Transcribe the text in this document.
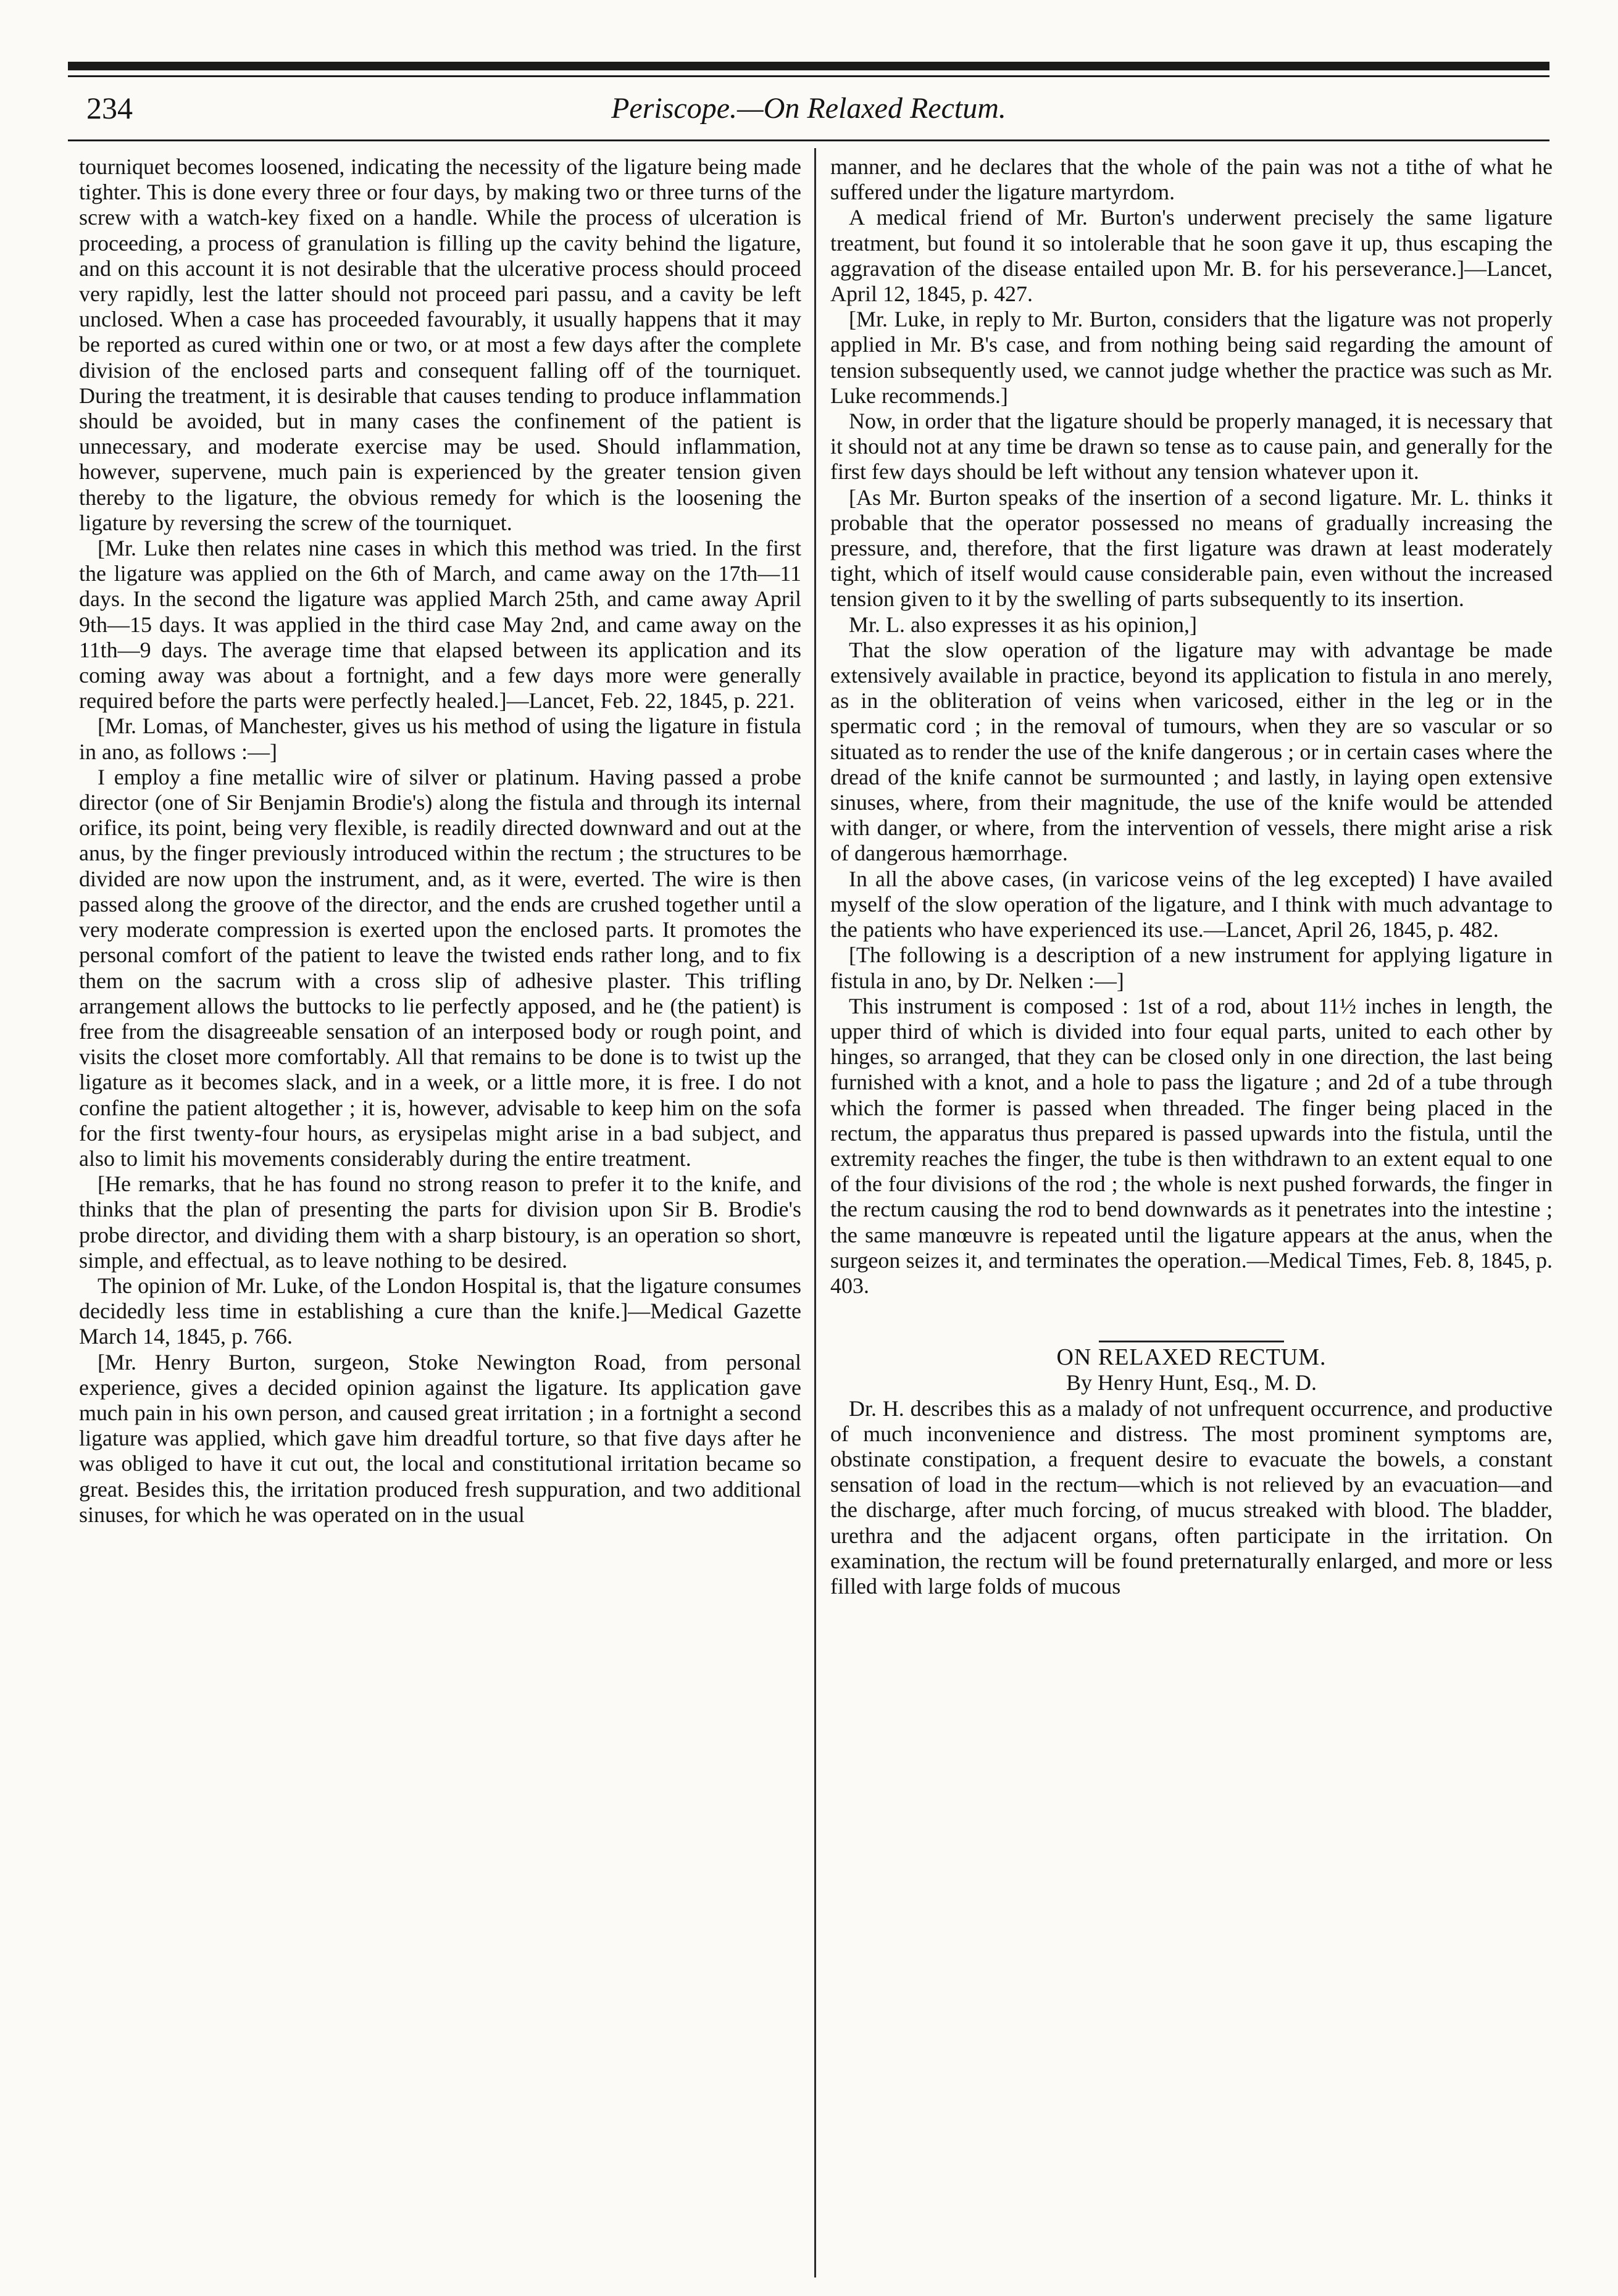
234	Periscope.—On Relaxed Rectum.

tourniquet becomes loosened, indicating the necessity of the ligature being made tighter. This is done every three or four days, by making two or three turns of the screw with a watch-key fixed on a handle. While the process of ulceration is proceeding, a process of granulation is filling up the cavity behind the ligature, and on this account it is not desirable that the ulcerative process should proceed very rapidly, lest the latter should not proceed pari passu, and a cavity be left unclosed. When a case has proceeded favourably, it usually happens that it may be reported as cured within one or two, or at most a few days after the complete division of the enclosed parts and consequent falling off of the tourniquet. During the treatment, it is desirable that causes tending to produce inflammation should be avoided, but in many cases the confinement of the patient is unnecessary, and moderate exercise may be used. Should inflammation, however, supervene, much pain is experienced by the greater tension given thereby to the ligature, the obvious remedy for which is the loosening the ligature by reversing the screw of the tourniquet.

[Mr. Luke then relates nine cases in which this method was tried. In the first the ligature was applied on the 6th of March, and came away on the 17th—11 days. In the second the ligature was applied March 25th, and came away April 9th—15 days. It was applied in the third case May 2nd, and came away on the 11th—9 days. The average time that elapsed between its application and its coming away was about a fortnight, and a few days more were generally required before the parts were perfectly healed.]—Lancet, Feb. 22, 1845, p. 221.

[Mr. Lomas, of Manchester, gives us his method of using the ligature in fistula in ano, as follows :—]

I employ a fine metallic wire of silver or platinum. Having passed a probe director (one of Sir Benjamin Brodie's) along the fistula and through its internal orifice, its point, being very flexible, is readily directed downward and out at the anus, by the finger previously introduced within the rectum ; the structures to be divided are now upon the instrument, and, as it were, everted. The wire is then passed along the groove of the director, and the ends are crushed together until a very moderate compression is exerted upon the enclosed parts. It promotes the personal comfort of the patient to leave the twisted ends rather long, and to fix them on the sacrum with a cross slip of adhesive plaster. This trifling arrangement allows the buttocks to lie perfectly apposed, and he (the patient) is free from the disagreeable sensation of an interposed body or rough point, and visits the closet more comfortably. All that remains to be done is to twist up the ligature as it becomes slack, and in a week, or a little more, it is free. I do not confine the patient altogether ; it is, however, advisable to keep him on the sofa for the first twenty-four hours, as erysipelas might arise in a bad subject, and also to limit his movements considerably during the entire treatment.

[He remarks, that he has found no strong reason to prefer it to the knife, and thinks that the plan of presenting the parts for division upon Sir B. Brodie's probe director, and dividing them with a sharp bistoury, is an operation so short, simple, and effectual, as to leave nothing to be desired.

The opinion of Mr. Luke, of the London Hospital is, that the ligature consumes decidedly less time in establishing a cure than the knife.]—Medical Gazette March 14, 1845, p. 766.

[Mr. Henry Burton, surgeon, Stoke Newington Road, from personal experience, gives a decided opinion against the ligature. Its application gave much pain in his own person, and caused great irritation ; in a fortnight a second ligature was applied, which gave him dreadful torture, so that five days after he was obliged to have it cut out, the local and constitutional irritation became so great. Besides this, the irritation produced fresh suppuration, and two additional sinuses, for which he was operated on in the usual

manner, and he declares that the whole of the pain was not a tithe of what he suffered under the ligature martyrdom.

A medical friend of Mr. Burton's underwent precisely the same ligature treatment, but found it so intolerable that he soon gave it up, thus escaping the aggravation of the disease entailed upon Mr. B. for his perseverance.]—Lancet, April 12, 1845, p. 427.

[Mr. Luke, in reply to Mr. Burton, considers that the ligature was not properly applied in Mr. B's case, and from nothing being said regarding the amount of tension subsequently used, we cannot judge whether the practice was such as Mr. Luke recommends.]

Now, in order that the ligature should be properly managed, it is necessary that it should not at any time be drawn so tense as to cause pain, and generally for the first few days should be left without any tension whatever upon it.

[As Mr. Burton speaks of the insertion of a second ligature. Mr. L. thinks it probable that the operator possessed no means of gradually increasing the pressure, and, therefore, that the first ligature was drawn at least moderately tight, which of itself would cause considerable pain, even without the increased tension given to it by the swelling of parts subsequently to its insertion.

Mr. L. also expresses it as his opinion,]

That the slow operation of the ligature may with advantage be made extensively available in practice, beyond its application to fistula in ano merely, as in the obliteration of veins when varicosed, either in the leg or in the spermatic cord ; in the removal of tumours, when they are so vascular or so situated as to render the use of the knife dangerous ; or in certain cases where the dread of the knife cannot be surmounted ; and lastly, in laying open extensive sinuses, where, from their magnitude, the use of the knife would be attended with danger, or where, from the intervention of vessels, there might arise a risk of dangerous hæmorrhage.

In all the above cases, (in varicose veins of the leg excepted) I have availed myself of the slow operation of the ligature, and I think with much advantage to the patients who have experienced its use.—Lancet, April 26, 1845, p. 482.

[The following is a description of a new instrument for applying ligature in fistula in ano, by Dr. Nelken :—]

This instrument is composed : 1st of a rod, about 11½ inches in length, the upper third of which is divided into four equal parts, united to each other by hinges, so arranged, that they can be closed only in one direction, the last being furnished with a knot, and a hole to pass the ligature ; and 2d of a tube through which the former is passed when threaded. The finger being placed in the rectum, the apparatus thus prepared is passed upwards into the fistula, until the extremity reaches the finger, the tube is then withdrawn to an extent equal to one of the four divisions of the rod ; the whole is next pushed forwards, the finger in the rectum causing the rod to bend downwards as it penetrates into the intestine ; the same manœuvre is repeated until the ligature appears at the anus, when the surgeon seizes it, and terminates the operation.—Medical Times, Feb. 8, 1845, p. 403.

ON RELAXED RECTUM.

By Henry Hunt, Esq., M. D.

Dr. H. describes this as a malady of not unfrequent occurrence, and productive of much inconvenience and distress. The most prominent symptoms are, obstinate constipation, a frequent desire to evacuate the bowels, a constant sensation of load in the rectum—which is not relieved by an evacuation—and the discharge, after much forcing, of mucus streaked with blood. The bladder, urethra and the adjacent organs, often participate in the irritation. On examination, the rectum will be found preternaturally enlarged, and more or less filled with large folds of mucous
